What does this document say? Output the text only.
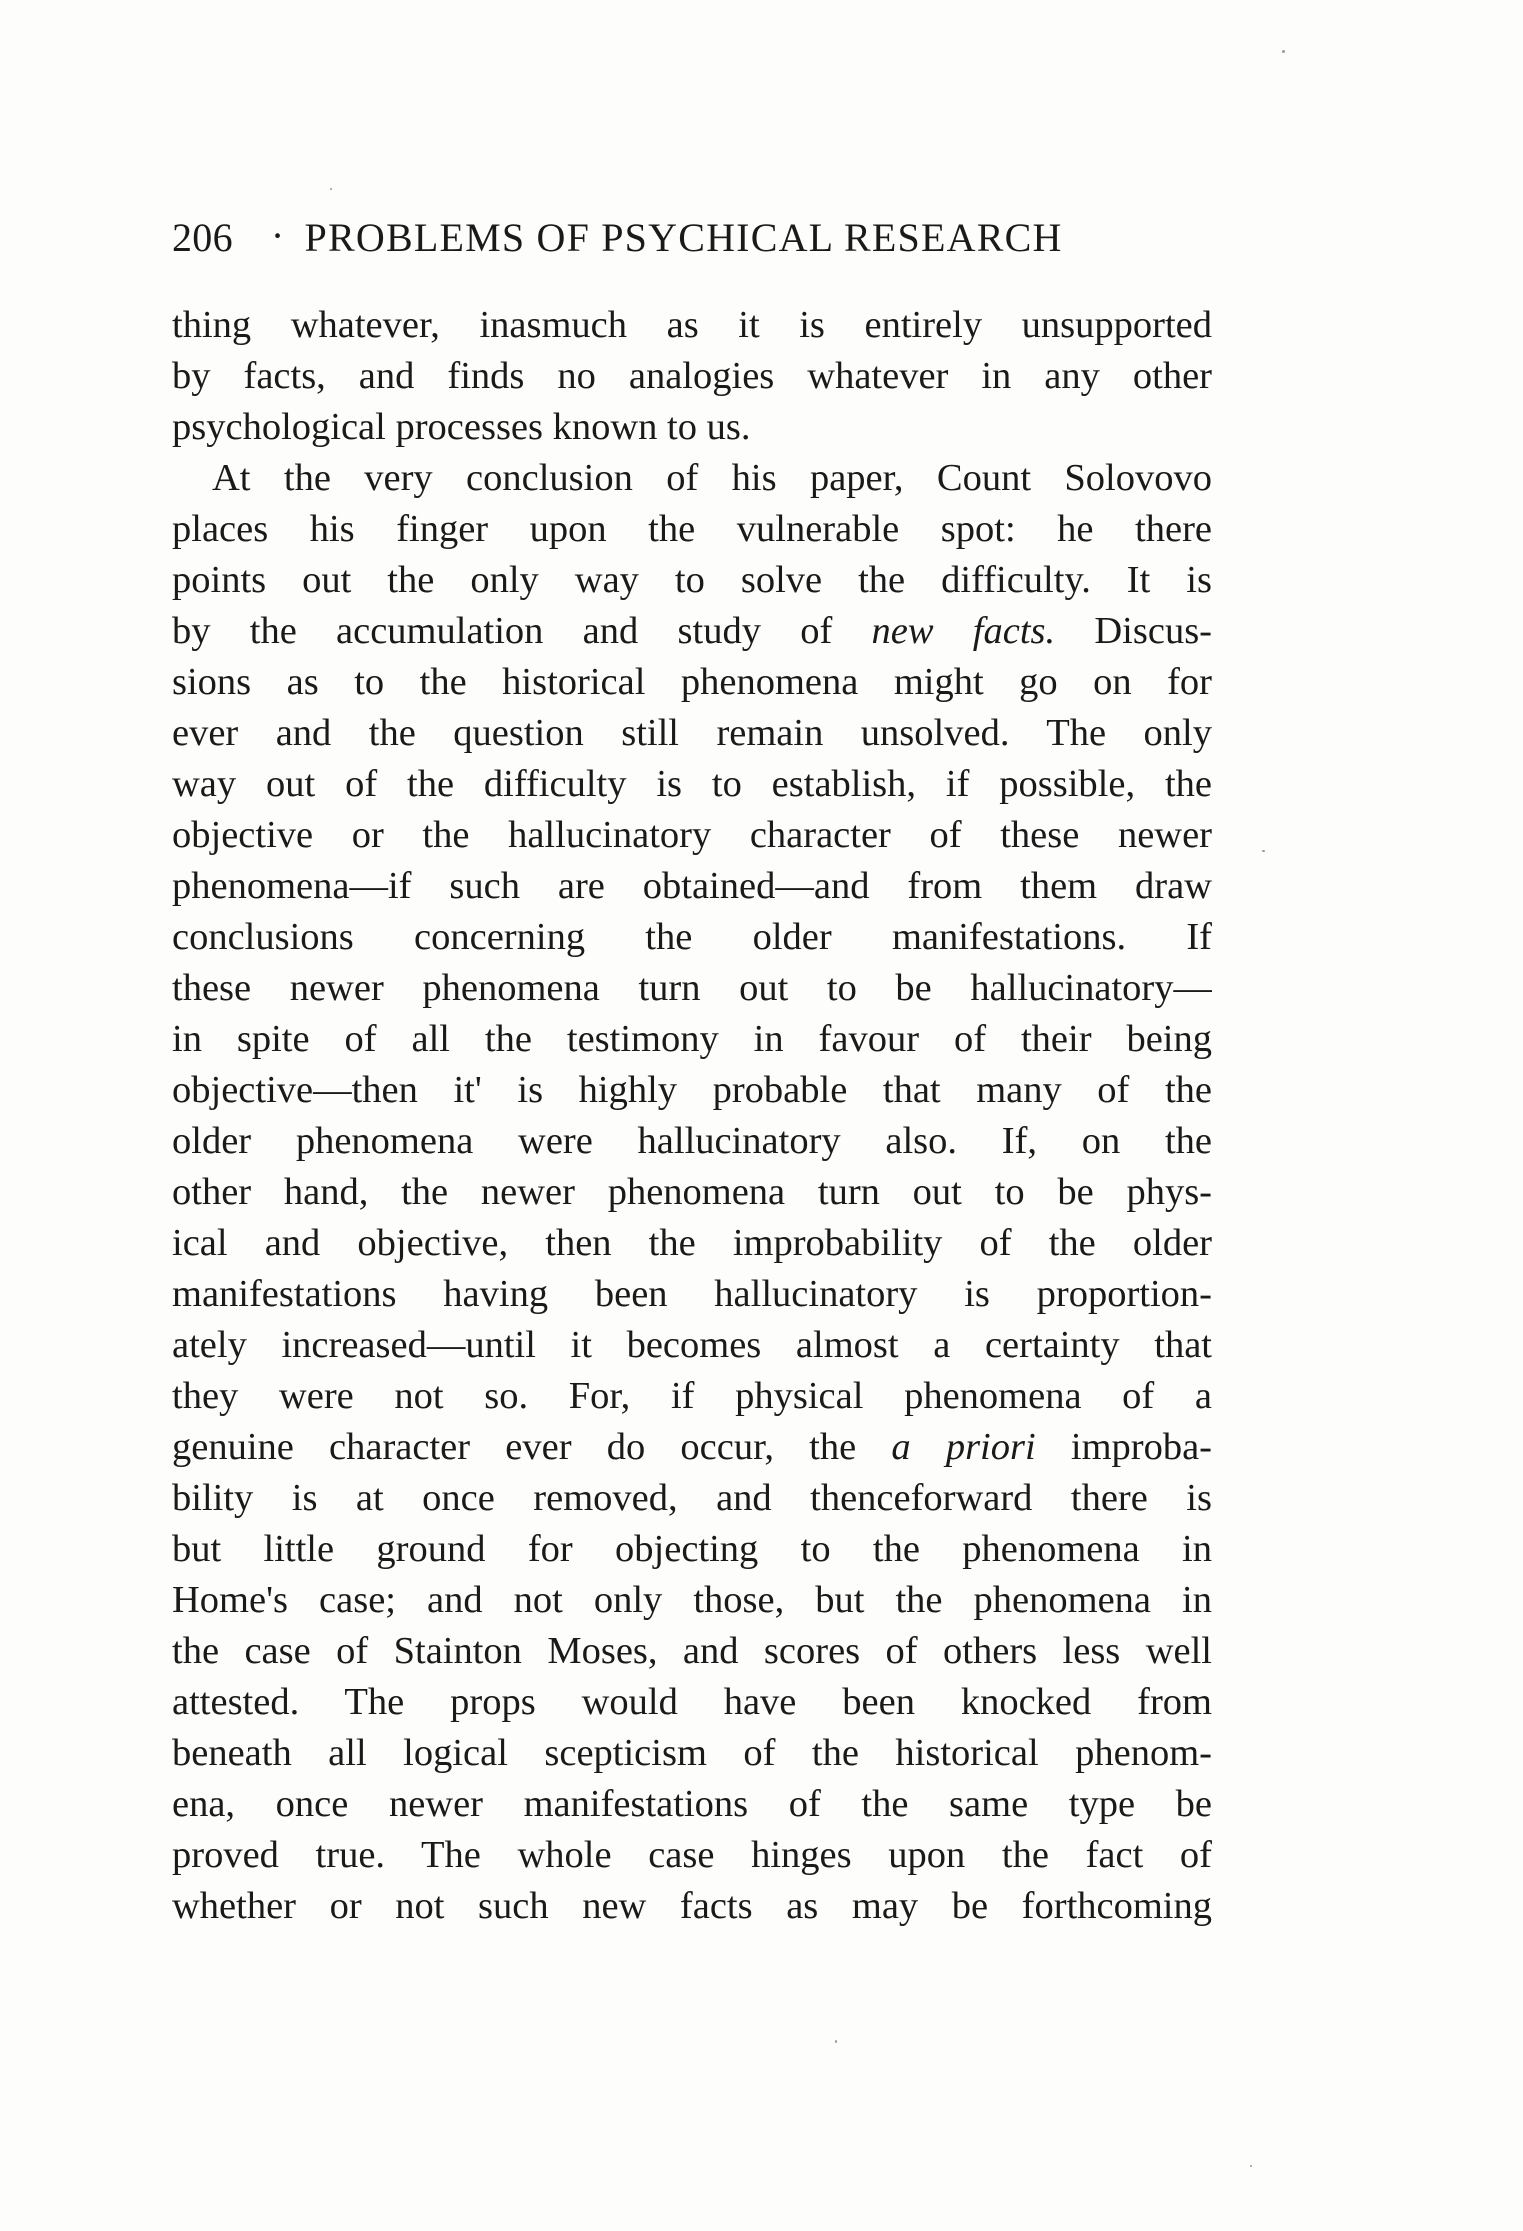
206 · PROBLEMS OF PSYCHICAL RESEARCH
thing whatever, inasmuch as it is entirely unsupported
by facts, and finds no analogies whatever in any other
psychological processes known to us.
At the very conclusion of his paper, Count Solovovo
places his finger upon the vulnerable spot: he there
points out the only way to solve the difficulty. It is
by the accumulation and study of new facts. Discus-
sions as to the historical phenomena might go on for
ever and the question still remain unsolved. The only
way out of the difficulty is to establish, if possible, the
objective or the hallucinatory character of these newer
phenomena—if such are obtained—and from them draw
conclusions concerning the older manifestations. If
these newer phenomena turn out to be hallucinatory—
in spite of all the testimony in favour of their being
objective—then it' is highly probable that many of the
older phenomena were hallucinatory also. If, on the
other hand, the newer phenomena turn out to be phys-
ical and objective, then the improbability of the older
manifestations having been hallucinatory is proportion-
ately increased—until it becomes almost a certainty that
they were not so. For, if physical phenomena of a
genuine character ever do occur, the a priori improba-
bility is at once removed, and thenceforward there is
but little ground for objecting to the phenomena in
Home's case; and not only those, but the phenomena in
the case of Stainton Moses, and scores of others less well
attested. The props would have been knocked from
beneath all logical scepticism of the historical phenom-
ena, once newer manifestations of the same type be
proved true. The whole case hinges upon the fact of
whether or not such new facts as may be forthcoming
